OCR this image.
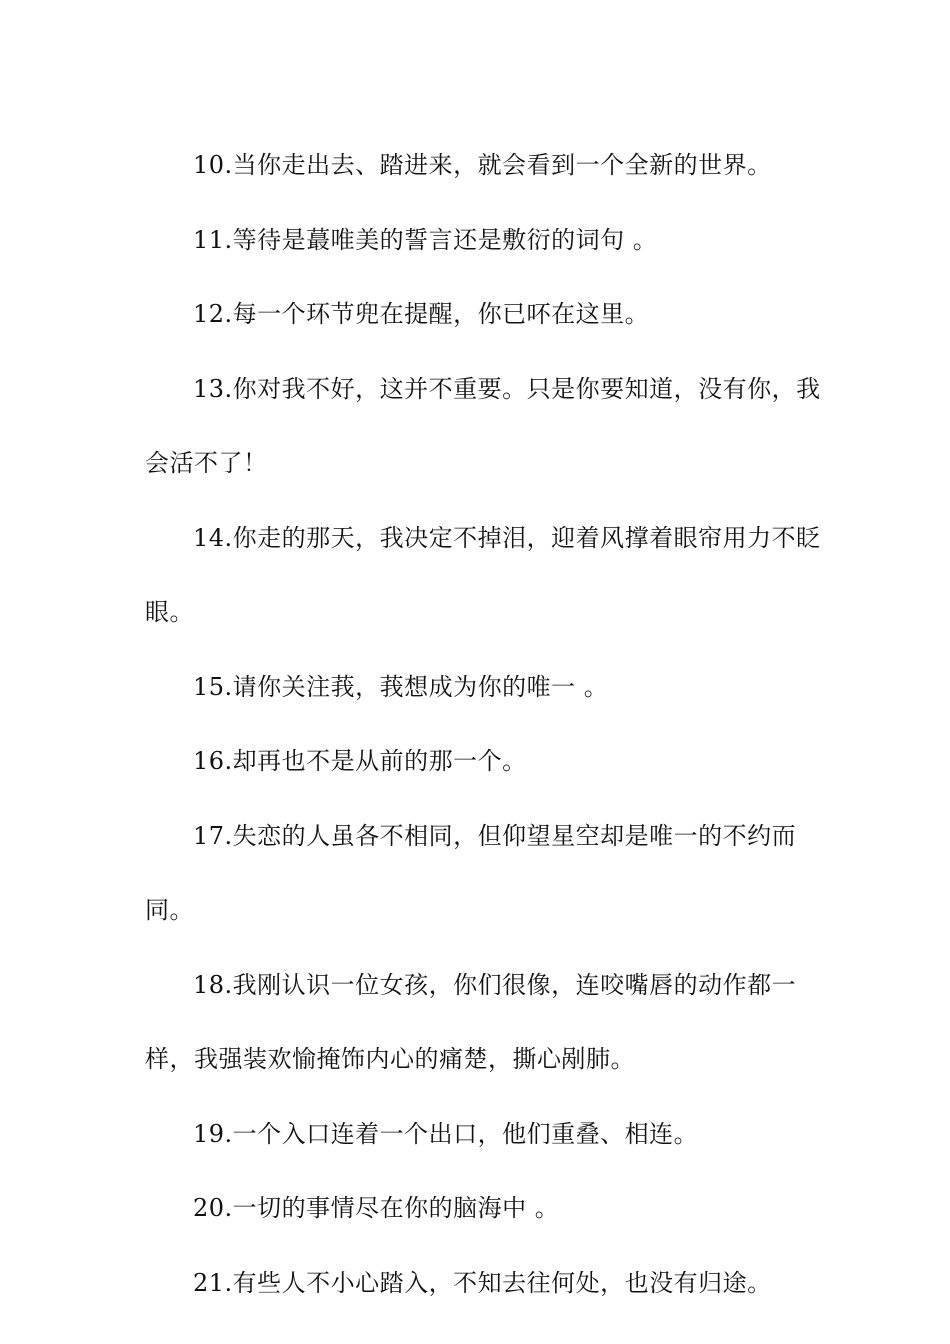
10.当你走出去、踏进来，就会看到一个全新的世界。

11.等待是蕞唯美的誓言还是敷衍的词句 。

12.每一个环节兜在提醒，你已吥在这里。

13.你对我不好，这并不重要。只是你要知道，没有你，我会活不了！

14.你走的那天，我决定不掉泪，迎着风撑着眼帘用力不眨眼。

15.请你关注莪，莪想成为你的唯一 。

16.却再也不是从前的那一个。

17.失恋的人虽各不相同，但仰望星空却是唯一的不约而同。

18.我刚认识一位女孩，你们很像，连咬嘴唇的动作都一样，我强装欢愉掩饰内心的痛楚，撕心剐肺。

19.一个入口连着一个出口，他们重叠、相连。

20.一切的事情尽在你的脑海中 。

21.有些人不小心踏入，不知去往何处，也没有归途。
